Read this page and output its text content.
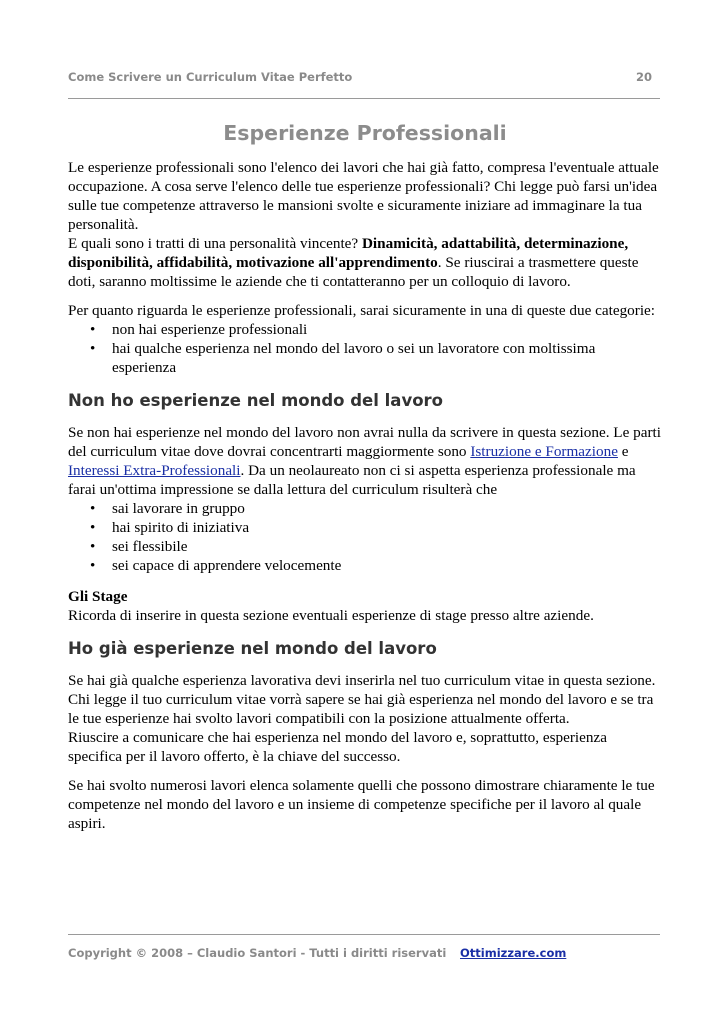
Come Scrivere un Curriculum Vitae Perfetto	20
Esperienze Professionali

Le esperienze professionali sono l'elenco dei lavori che hai già fatto, compresa l'eventuale attuale occupazione. A cosa serve l'elenco delle tue esperienze professionali? Chi legge può farsi un'idea sulle tue competenze attraverso le mansioni svolte e sicuramente iniziare ad immaginare la tua personalità.

E quali sono i tratti di una personalità vincente? Dinamicità, adattabilità, determinazione, disponibilità, affidabilità, motivazione all'apprendimento. Se riuscirai a trasmettere queste doti, saranno moltissime le aziende che ti contatteranno per un colloquio di lavoro.

Per quanto riguarda le esperienze professionali, sarai sicuramente in una di queste due categorie:

• non hai esperienze professionali
• hai qualche esperienza nel mondo del lavoro o sei un lavoratore con moltissima esperienza
Non ho esperienze nel mondo del lavoro

Se non hai esperienze nel mondo del lavoro non avrai nulla da scrivere in questa sezione. Le parti del curriculum vitae dove dovrai concentrarti maggiormente sono Istruzione e Formazione e Interessi Extra-Professionali. Da un neolaureato non ci si aspetta esperienza professionale ma farai un'ottima impressione se dalla lettura del curriculum risulterà che

• sai lavorare in gruppo
• hai spirito di iniziativa
• sei flessibile
• sei capace di apprendere velocemente

Gli Stage

Ricorda di inserire in questa sezione eventuali esperienze di stage presso altre aziende.

Ho già esperienze nel mondo del lavoro

Se hai già qualche esperienza lavorativa devi inserirla nel tuo curriculum vitae in questa sezione.

Chi legge il tuo curriculum vitae vorrà sapere se hai già esperienza nel mondo del lavoro e se tra le tue esperienze hai svolto lavori compatibili con la posizione attualmente offerta.

Riuscire a comunicare che hai esperienza nel mondo del lavoro e, soprattutto, esperienza specifica per il lavoro offerto, è la chiave del successo.

Se hai svolto numerosi lavori elenca solamente quelli che possono dimostrare chiaramente le tue competenze nel mondo del lavoro e un insieme di competenze specifiche per il lavoro al quale aspiri.

Copyright © 2008 – Claudio Santori - Tutti i diritti riservati Ottimizzare.com
